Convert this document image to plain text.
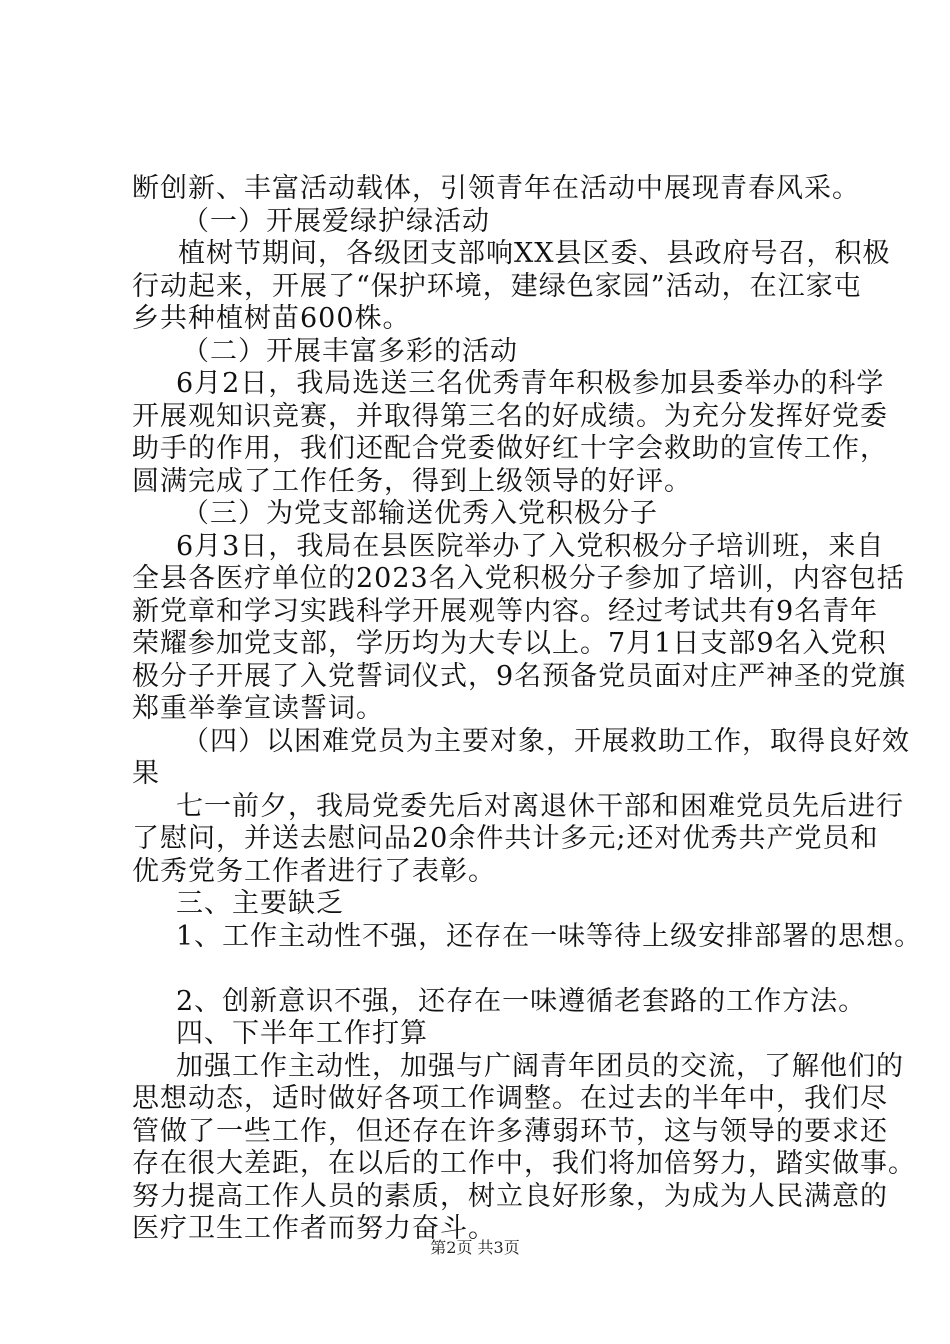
断创新、丰富活动载体，引领青年在活动中展现青春风采。
（一）开展爱绿护绿活动
植树节期间，各级团支部响XX县区委、县政府号召，积极
行动起来，开展了“保护环境，建绿色家园”活动，在江家屯
乡共种植树苗600株。
（二）开展丰富多彩的活动
6月2日，我局选送三名优秀青年积极参加县委举办的科学
开展观知识竞赛，并取得第三名的好成绩。为充分发挥好党委
助手的作用，我们还配合党委做好红十字会救助的宣传工作，
圆满完成了工作任务，得到上级领导的好评。
（三）为党支部输送优秀入党积极分子
6月3日，我局在县医院举办了入党积极分子培训班，来自
全县各医疗单位的2023名入党积极分子参加了培训，内容包括
新党章和学习实践科学开展观等内容。经过考试共有9名青年
荣耀参加党支部，学历均为大专以上。7月1日支部9名入党积
极分子开展了入党誓词仪式，9名预备党员面对庄严神圣的党旗
郑重举拳宣读誓词。
（四）以困难党员为主要对象，开展救助工作，取得良好效
果
七一前夕，我局党委先后对离退休干部和困难党员先后进行
了慰问，并送去慰问品20余件共计多元;还对优秀共产党员和
优秀党务工作者进行了表彰。
三、主要缺乏
1、工作主动性不强，还存在一味等待上级安排部署的思想。
2、创新意识不强，还存在一味遵循老套路的工作方法。
四、下半年工作打算
加强工作主动性，加强与广阔青年团员的交流，了解他们的
思想动态，适时做好各项工作调整。在过去的半年中，我们尽
管做了一些工作，但还存在许多薄弱环节，这与领导的要求还
存在很大差距，在以后的工作中，我们将加倍努力，踏实做事。
努力提高工作人员的素质，树立良好形象，为成为人民满意的
医疗卫生工作者而努力奋斗。
第2页 共3页
